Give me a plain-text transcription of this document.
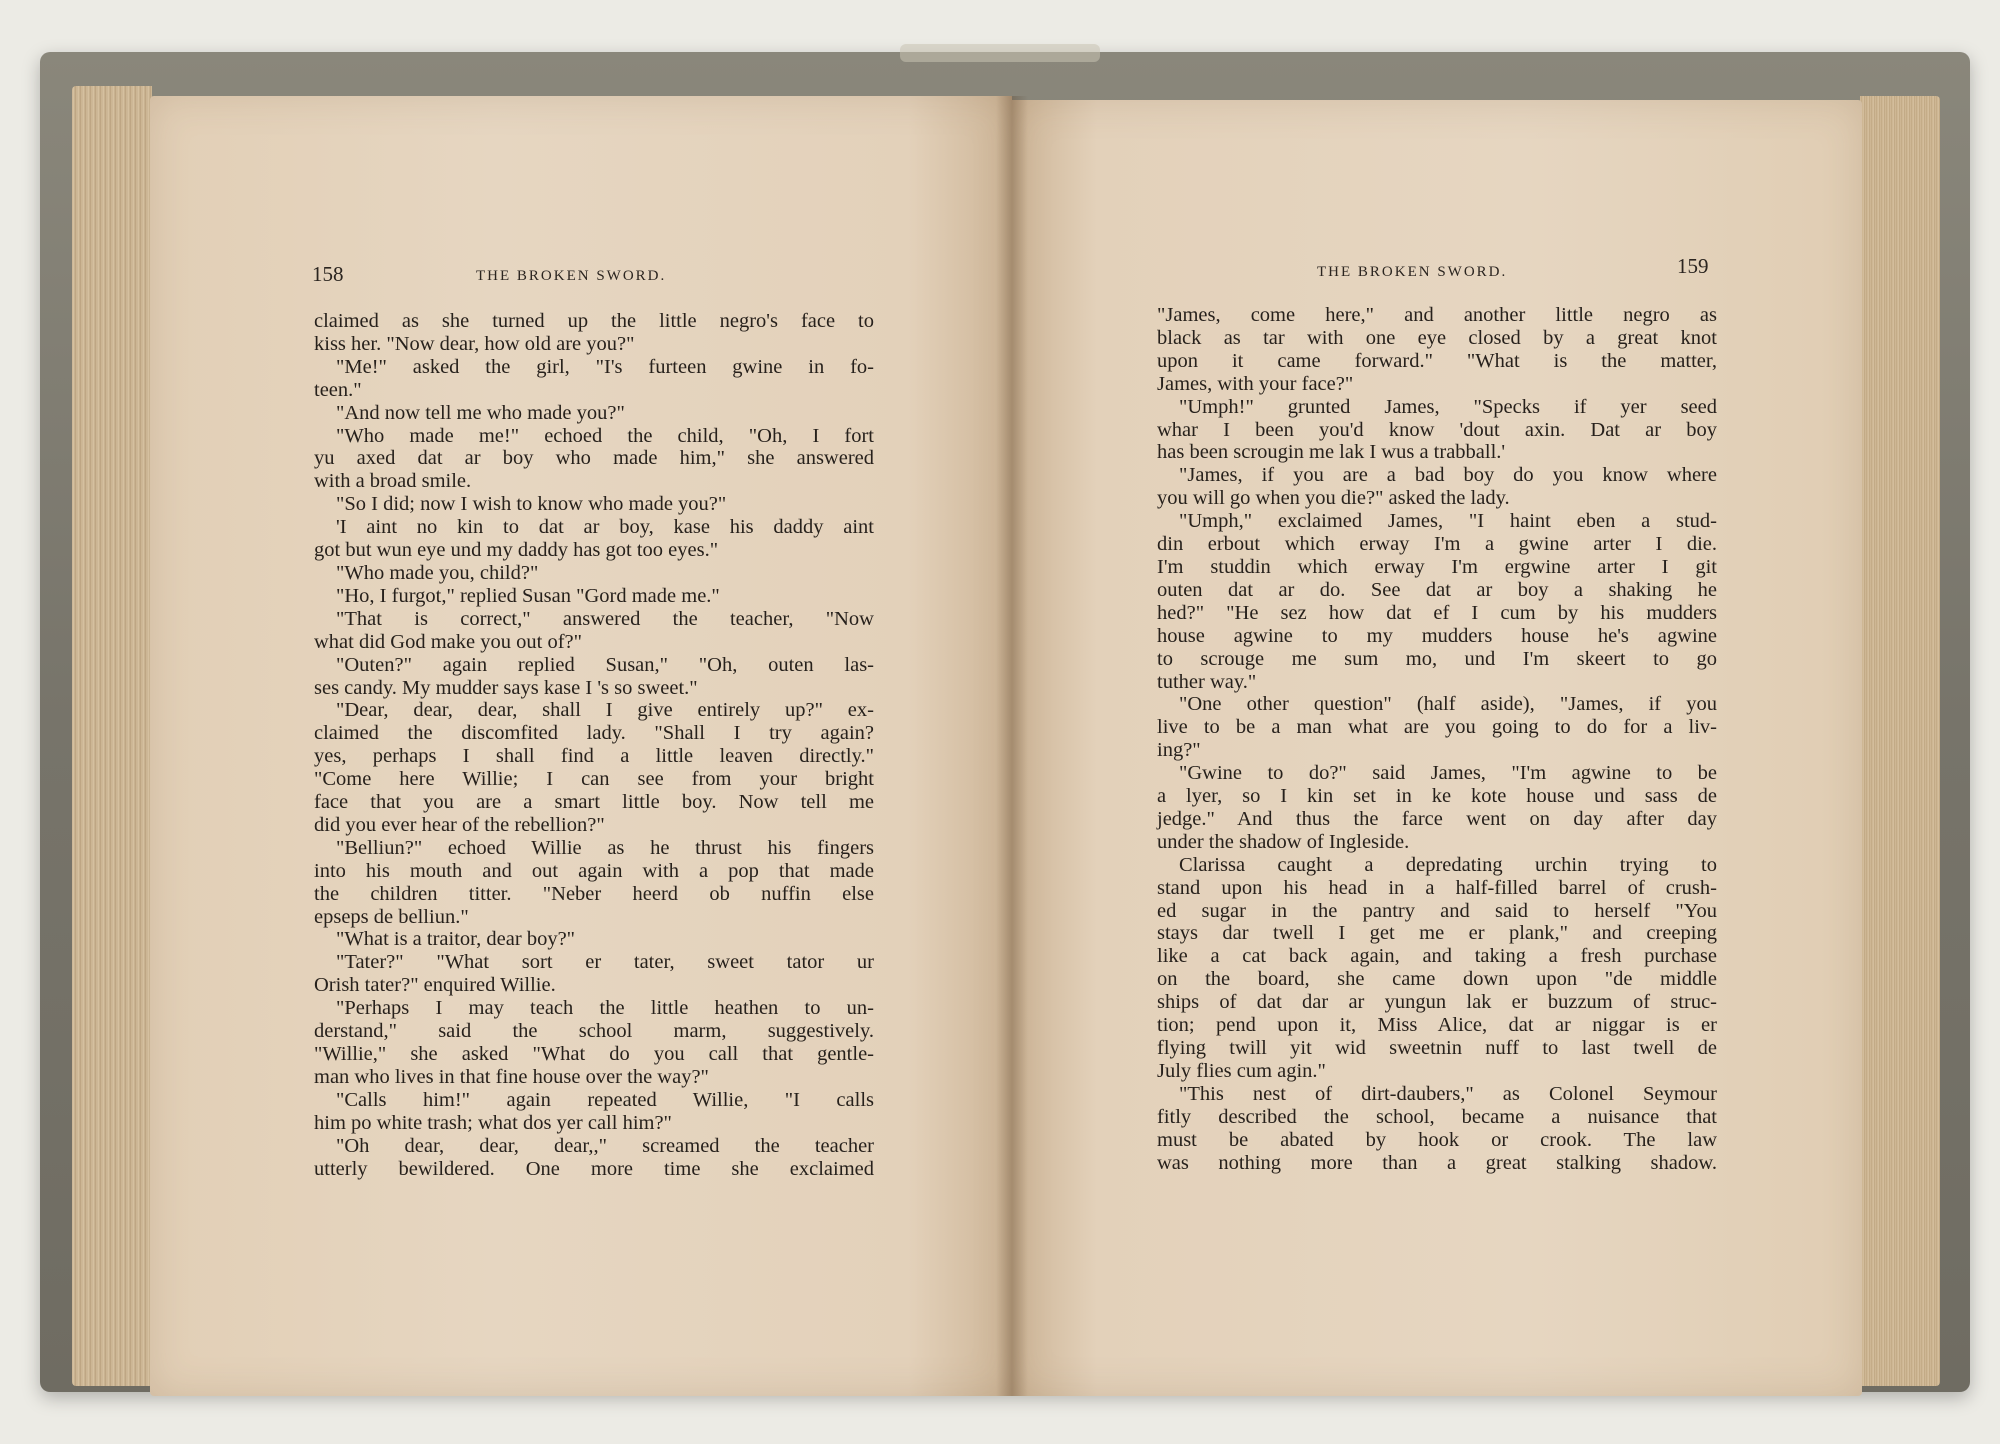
158	THE BROKEN SWORD.
claimed as she turned up the little negro's face to
kiss her. "Now dear, how old are you?"
"Me!" asked the girl, "I's furteen gwine in fo-
teen."
"And now tell me who made you?"
"Who made me!" echoed the child, "Oh, I fort
yu axed dat ar boy who made him," she answered
with a broad smile.
"So I did; now I wish to know who made you?"
'I aint no kin to dat ar boy, kase his daddy aint
got but wun eye und my daddy has got too eyes."
"Who made you, child?"
"Ho, I furgot," replied Susan "Gord made me."
"That is correct," answered the teacher, "Now
what did God make you out of?"
"Outen?" again replied Susan," "Oh, outen las-
ses candy. My mudder says kase I 's so sweet."
"Dear, dear, dear, shall I give entirely up?" ex-
claimed the discomfited lady. "Shall I try again?
yes, perhaps I shall find a little leaven directly."
"Come here Willie; I can see from your bright
face that you are a smart little boy. Now tell me
did you ever hear of the rebellion?"
"Belliun?" echoed Willie as he thrust his fingers
into his mouth and out again with a pop that made
the children titter. "Neber heerd ob nuffin else
epseps de belliun."
"What is a traitor, dear boy?"
"Tater?" "What sort er tater, sweet tator ur
Orish tater?" enquired Willie.
"Perhaps I may teach the little heathen to un-
derstand," said the school marm, suggestively.
"Willie," she asked "What do you call that gentle-
man who lives in that fine house over the way?"
"Calls him!" again repeated Willie, "I calls
him po white trash; what dos yer call him?"
"Oh dear, dear, dear,," screamed the teacher
utterly bewildered. One more time she exclaimed
THE BROKEN SWORD.	159
"James, come here," and another little negro as
black as tar with one eye closed by a great knot
upon it came forward." "What is the matter,
James, with your face?"
"Umph!" grunted James, "Specks if yer seed
whar I been you'd know 'dout axin. Dat ar boy
has been scrougin me lak I wus a trabball.'
"James, if you are a bad boy do you know where
you will go when you die?" asked the lady.
"Umph," exclaimed James, "I haint eben a stud-
din erbout which erway I'm a gwine arter I die.
I'm studdin which erway I'm ergwine arter I git
outen dat ar do. See dat ar boy a shaking he
hed?" "He sez how dat ef I cum by his mudders
house agwine to my mudders house he's agwine
to scrouge me sum mo, und I'm skeert to go
tuther way."
"One other question" (half aside), "James, if you
live to be a man what are you going to do for a liv-
ing?"
"Gwine to do?" said James, "I'm agwine to be
a lyer, so I kin set in ke kote house und sass de
jedge." And thus the farce went on day after day
under the shadow of Ingleside.
Clarissa caught a depredating urchin trying to
stand upon his head in a half-filled barrel of crush-
ed sugar in the pantry and said to herself "You
stays dar twell I get me er plank," and creeping
like a cat back again, and taking a fresh purchase
on the board, she came down upon "de middle
ships of dat dar ar yungun lak er buzzum of struc-
tion; pend upon it, Miss Alice, dat ar niggar is er
flying twill yit wid sweetnin nuff to last twell de
July flies cum agin."
"This nest of dirt-daubers," as Colonel Seymour
fitly described the school, became a nuisance that
must be abated by hook or crook. The law
was nothing more than a great stalking shadow.
